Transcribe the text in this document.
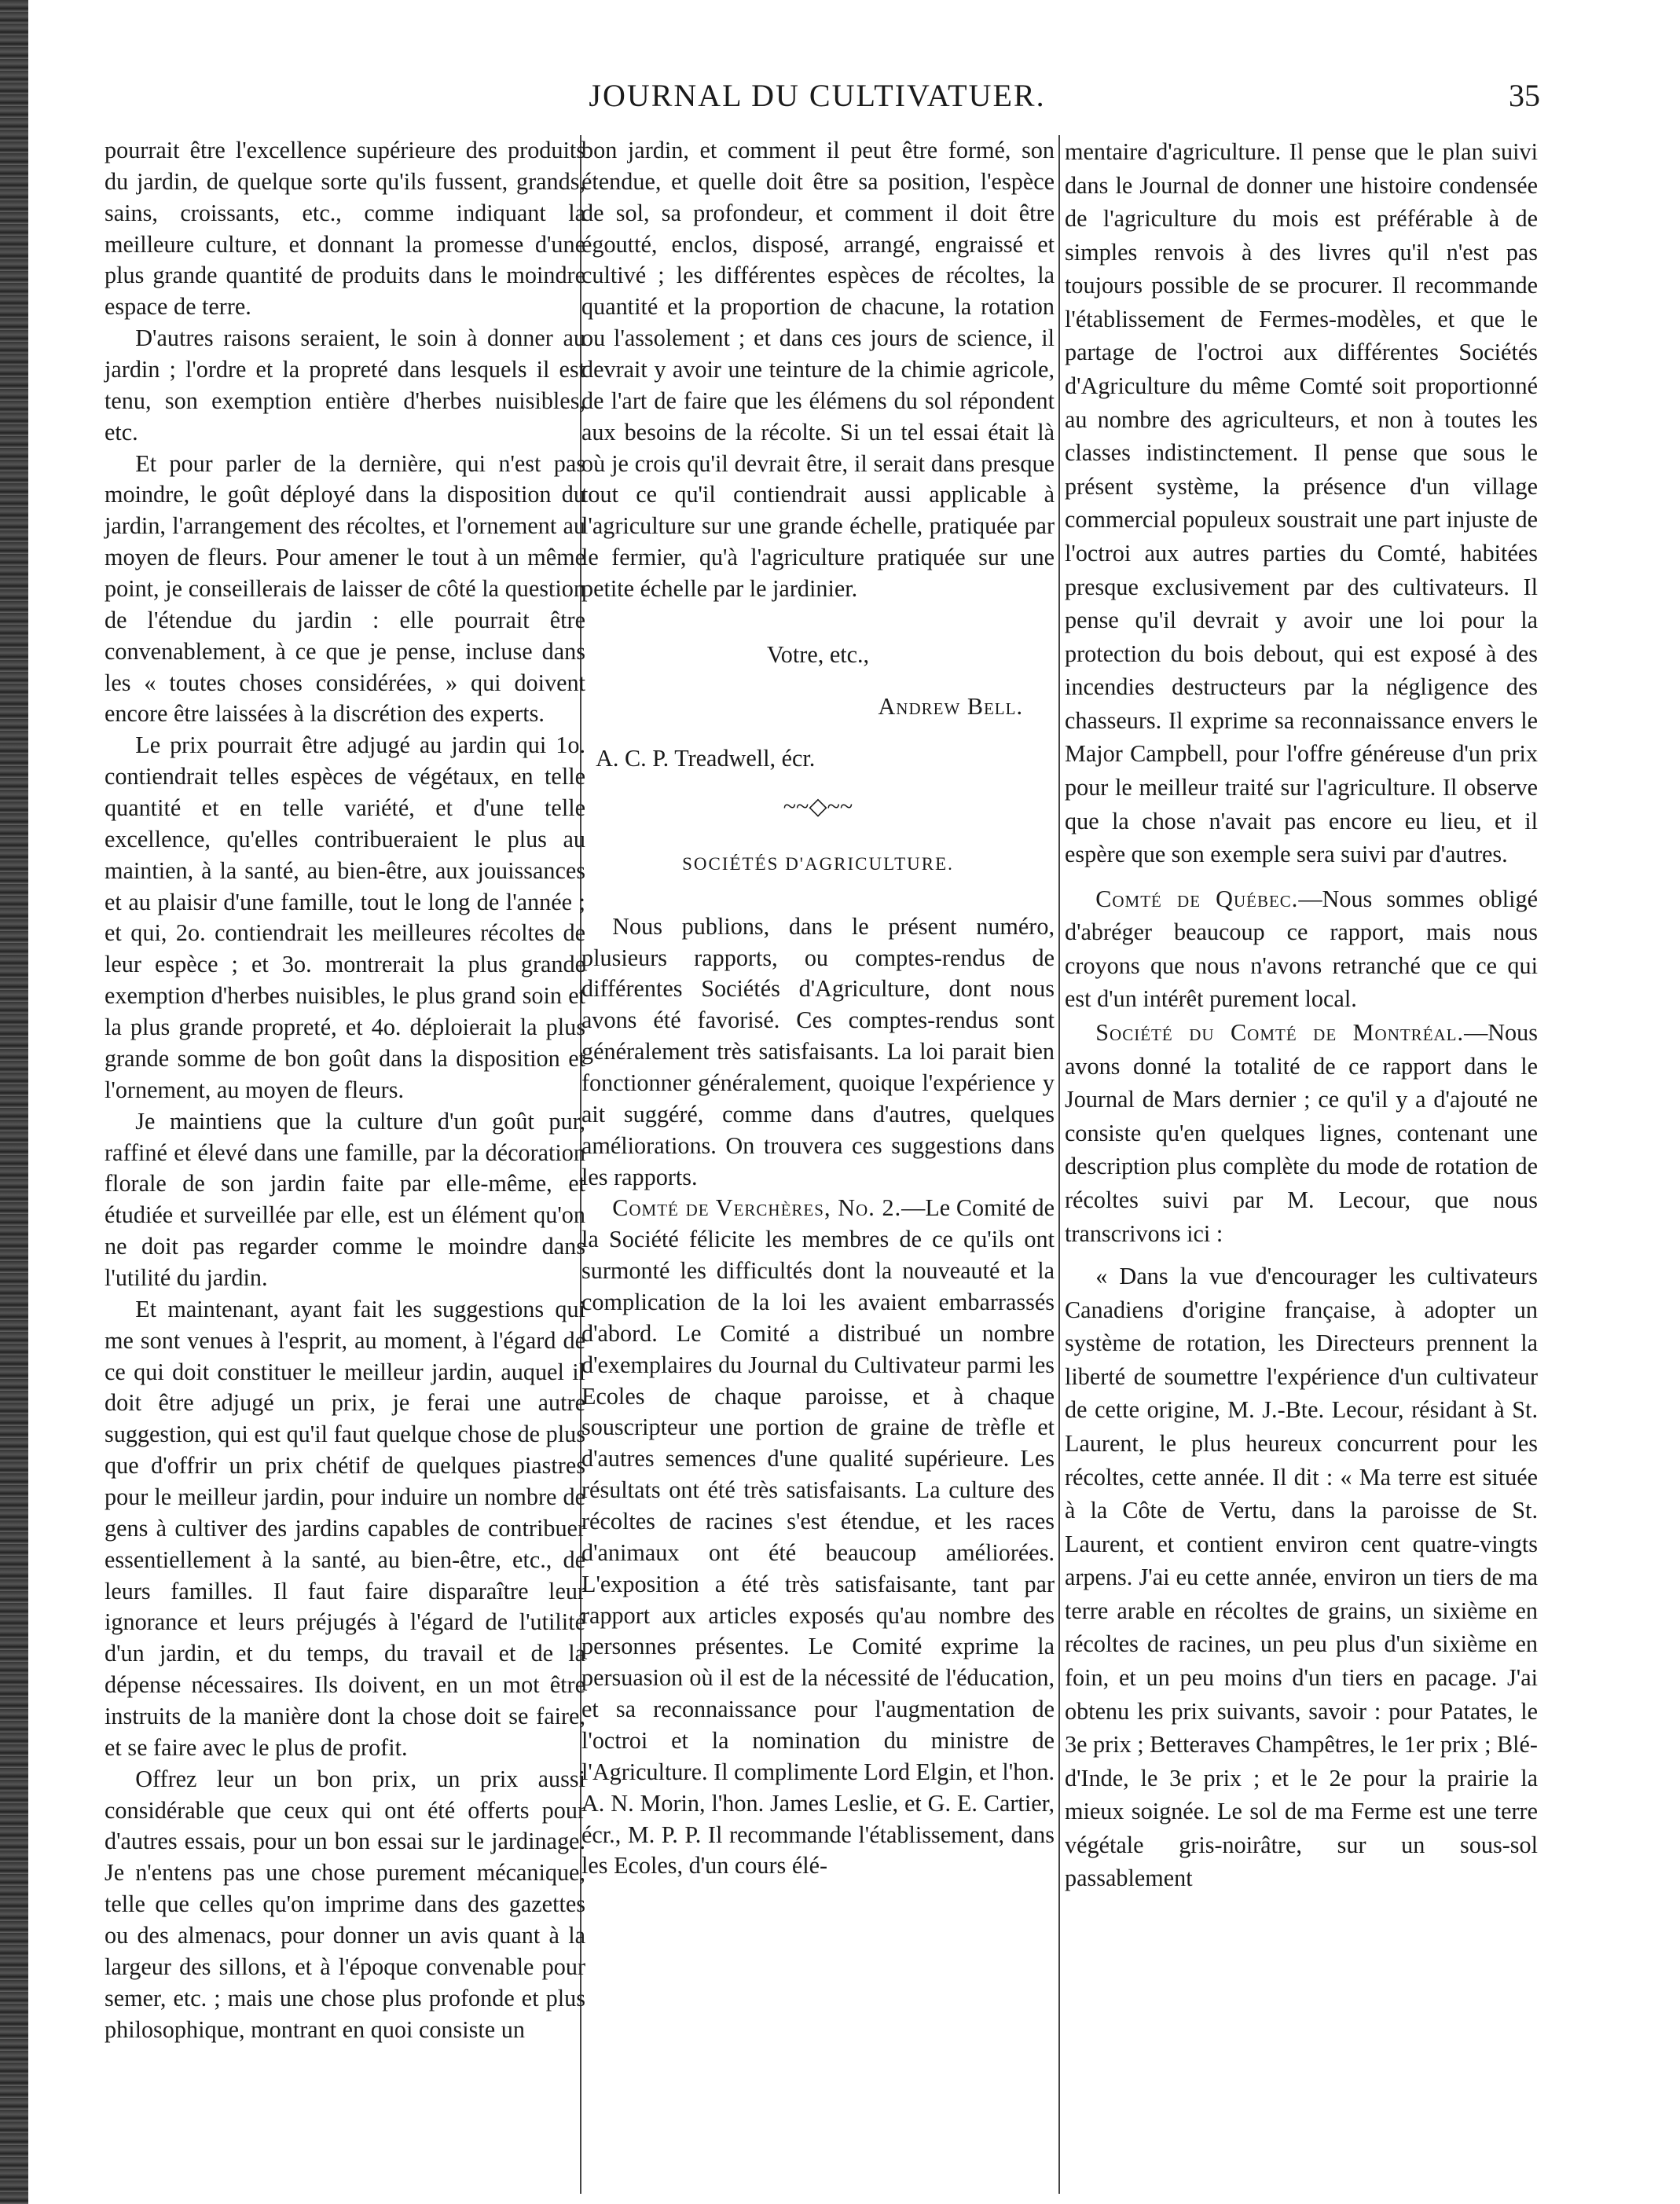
JOURNAL DU CULTIVATUER.	35

pourrait être l'excellence supérieure des produits du jardin, de quelque sorte qu'ils fussent, grands, sains, croissants, etc., comme indiquant la meilleure culture, et donnant la promesse d'une plus grande quantité de produits dans le moindre espace de terre.

D'autres raisons seraient, le soin à donner au jardin ; l'ordre et la propreté dans lesquels il est tenu, son exemption entière d'herbes nuisibles, etc.

Et pour parler de la dernière, qui n'est pas moindre, le goût déployé dans la disposition du jardin, l'arrangement des récoltes, et l'ornement au moyen de fleurs. Pour amener le tout à un même point, je conseillerais de laisser de côté la question de l'étendue du jardin : elle pourrait être convenablement, à ce que je pense, incluse dans les « toutes choses considérées, » qui doivent encore être laissées à la discrétion des experts.

Le prix pourrait être adjugé au jardin qui 1o. contiendrait telles espèces de végétaux, en telle quantité et en telle variété, et d'une telle excellence, qu'elles contribueraient le plus au maintien, à la santé, au bien-être, aux jouissances et au plaisir d'une famille, tout le long de l'année ; et qui, 2o. contiendrait les meilleures récoltes de leur espèce ; et 3o. montrerait la plus grande exemption d'herbes nuisibles, le plus grand soin et la plus grande propreté, et 4o. déploierait la plus grande somme de bon goût dans la disposition et l'ornement, au moyen de fleurs.

Je maintiens que la culture d'un goût pur, raffiné et élevé dans une famille, par la décoration florale de son jardin faite par elle-même, et étudiée et surveillée par elle, est un élément qu'on ne doit pas regarder comme le moindre dans l'utilité du jardin.

Et maintenant, ayant fait les suggestions qui me sont venues à l'esprit, au moment, à l'égard de ce qui doit constituer le meilleur jardin, auquel il doit être adjugé un prix, je ferai une autre suggestion, qui est qu'il faut quelque chose de plus que d'offrir un prix chétif de quelques piastres pour le meilleur jardin, pour induire un nombre de gens à cultiver des jardins capables de contribuer essentiellement à la santé, au bien-être, etc., de leurs familles. Il faut faire disparaître leur ignorance et leurs préjugés à l'égard de l'utilité d'un jardin, et du temps, du travail et de la dépense nécessaires. Ils doivent, en un mot être instruits de la manière dont la chose doit se faire, et se faire avec le plus de profit.

Offrez leur un bon prix, un prix aussi considérable que ceux qui ont été offerts pour d'autres essais, pour un bon essai sur le jardinage. Je n'entens pas une chose purement mécanique, telle que celles qu'on imprime dans des gazettes ou des almenacs, pour donner un avis quant à la largeur des sillons, et à l'époque convenable pour semer, etc. ; mais une chose plus profonde et plus philosophique, montrant en quoi consiste un

bon jardin, et comment il peut être formé, son étendue, et quelle doit être sa position, l'espèce de sol, sa profondeur, et comment il doit être égoutté, enclos, disposé, arrangé, engraissé et cultivé ; les différentes espèces de récoltes, la quantité et la proportion de chacune, la rotation ou l'assolement ; et dans ces jours de science, il devrait y avoir une teinture de la chimie agricole, de l'art de faire que les élémens du sol répondent aux besoins de la récolte. Si un tel essai était là où je crois qu'il devrait être, il serait dans presque tout ce qu'il contiendrait aussi applicable à l'agriculture sur une grande échelle, pratiquée par le fermier, qu'à l'agriculture pratiquée sur une petite échelle par le jardinier.

Votre, etc.,

Andrew Bell.

A. C. P. Treadwell, écr.

~~◇~~

SOCIÉTÉS D'AGRICULTURE.

Nous publions, dans le présent numéro, plusieurs rapports, ou comptes-rendus de différentes Sociétés d'Agriculture, dont nous avons été favorisé. Ces comptes-rendus sont généralement très satisfaisants. La loi parait bien fonctionner généralement, quoique l'expérience y ait suggéré, comme dans d'autres, quelques améliorations. On trouvera ces suggestions dans les rapports.

Comté de Verchères, No. 2.—Le Comité de la Société félicite les membres de ce qu'ils ont surmonté les difficultés dont la nouveauté et la complication de la loi les avaient embarrassés d'abord. Le Comité a distribué un nombre d'exemplaires du Journal du Cultivateur parmi les Ecoles de chaque paroisse, et à chaque souscripteur une portion de graine de trèfle et d'autres semences d'une qualité supérieure. Les résultats ont été très satisfaisants. La culture des récoltes de racines s'est étendue, et les races d'animaux ont été beaucoup améliorées. L'exposition a été très satisfaisante, tant par rapport aux articles exposés qu'au nombre des personnes présentes. Le Comité exprime la persuasion où il est de la nécessité de l'éducation, et sa reconnaissance pour l'augmentation de l'octroi et la nomination du ministre de l'Agriculture. Il complimente Lord Elgin, et l'hon. A. N. Morin, l'hon. James Leslie, et G. E. Cartier, écr., M. P. P. Il recommande l'établissement, dans les Ecoles, d'un cours élé-

mentaire d'agriculture. Il pense que le plan suivi dans le Journal de donner une histoire condensée de l'agriculture du mois est préférable à de simples renvois à des livres qu'il n'est pas toujours possible de se procurer. Il recommande l'établissement de Fermes-modèles, et que le partage de l'octroi aux différentes Sociétés d'Agriculture du même Comté soit proportionné au nombre des agriculteurs, et non à toutes les classes indistinctement. Il pense que sous le présent système, la présence d'un village commercial populeux soustrait une part injuste de l'octroi aux autres parties du Comté, habitées presque exclusivement par des cultivateurs. Il pense qu'il devrait y avoir une loi pour la protection du bois debout, qui est exposé à des incendies destructeurs par la négligence des chasseurs. Il exprime sa reconnaissance envers le Major Campbell, pour l'offre généreuse d'un prix pour le meilleur traité sur l'agriculture. Il observe que la chose n'avait pas encore eu lieu, et il espère que son exemple sera suivi par d'autres.

Comté de Québec.—Nous sommes obligé d'abréger beaucoup ce rapport, mais nous croyons que nous n'avons retranché que ce qui est d'un intérêt purement local.

Société du Comté de Montréal.—Nous avons donné la totalité de ce rapport dans le Journal de Mars dernier ; ce qu'il y a d'ajouté ne consiste qu'en quelques lignes, contenant une description plus complète du mode de rotation de récoltes suivi par M. Lecour, que nous transcrivons ici :

« Dans la vue d'encourager les cultivateurs Canadiens d'origine française, à adopter un système de rotation, les Directeurs prennent la liberté de soumettre l'expérience d'un cultivateur de cette origine, M. J.-Bte. Lecour, résidant à St. Laurent, le plus heureux concurrent pour les récoltes, cette année. Il dit : « Ma terre est située à la Côte de Vertu, dans la paroisse de St. Laurent, et contient environ cent quatre-vingts arpens. J'ai eu cette année, environ un tiers de ma terre arable en récoltes de grains, un sixième en récoltes de racines, un peu plus d'un sixième en foin, et un peu moins d'un tiers en pacage. J'ai obtenu les prix suivants, savoir : pour Patates, le 3e prix ; Betteraves Champêtres, le 1er prix ; Blé-d'Inde, le 3e prix ; et le 2e pour la prairie la mieux soignée. Le sol de ma Ferme est une terre végétale gris-noirâtre, sur un sous-sol passablement
